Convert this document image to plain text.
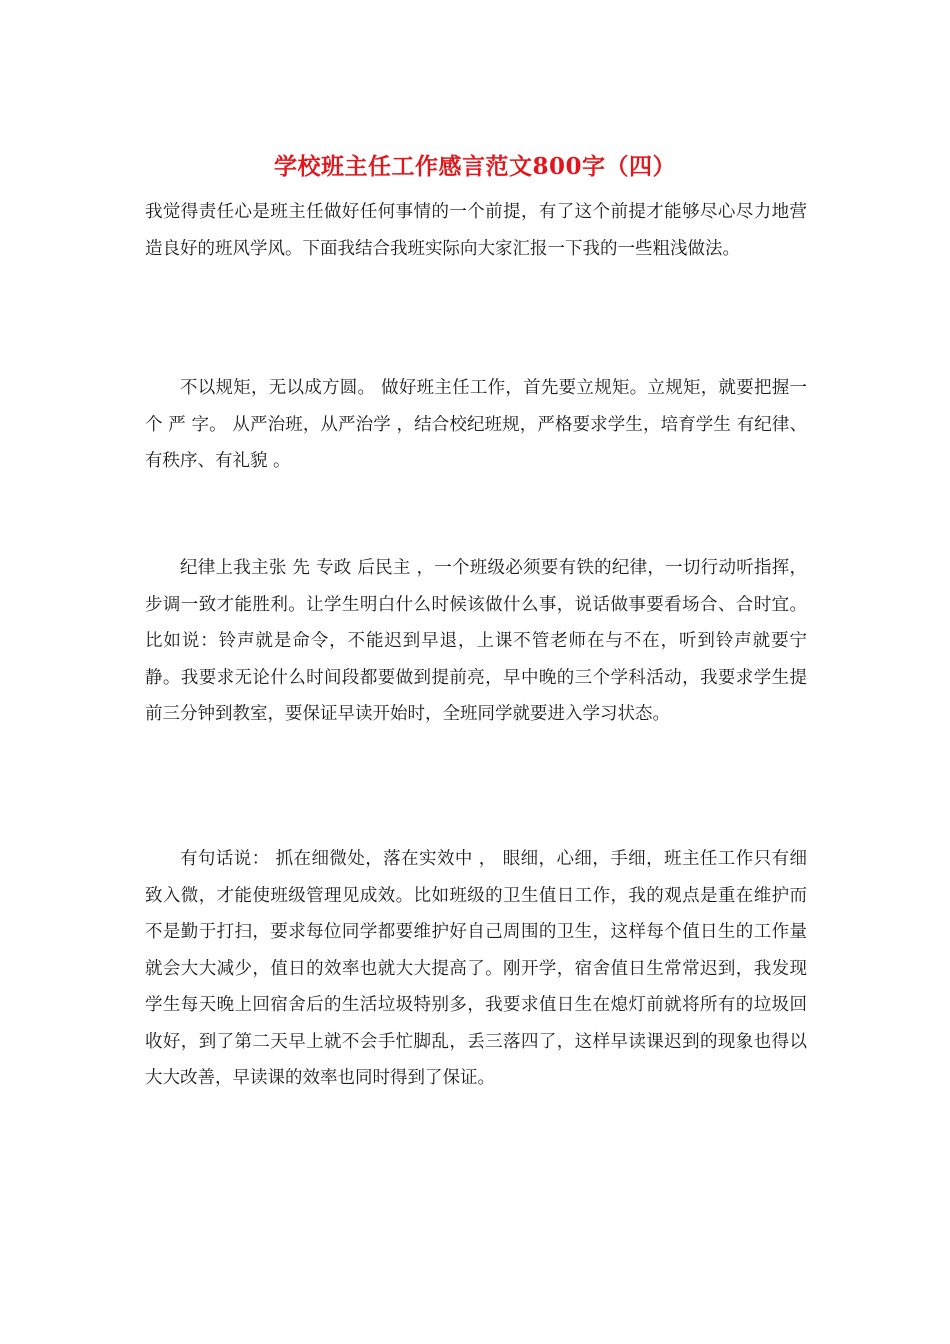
学校班主任工作感言范文800字（四）

我觉得责任心是班主任做好任何事情的一个前提，有了这个前提才能够尽心尽力地营造良好的班风学风。下面我结合我班实际向大家汇报一下我的一些粗浅做法。

不以规矩，无以成方圆。 做好班主任工作，首先要立规矩。立规矩，就要把握一个 严 字。 从严治班，从严治学 ，结合校纪班规，严格要求学生，培育学生 有纪律、有秩序、有礼貌 。

纪律上我主张 先 专政 后民主 ，一个班级必须要有铁的纪律，一切行动听指挥，步调一致才能胜利。让学生明白什么时候该做什么事，说话做事要看场合、合时宜。比如说：铃声就是命令，不能迟到早退，上课不管老师在与不在，听到铃声就要宁静。我要求无论什么时间段都要做到提前亮，早中晚的三个学科活动，我要求学生提前三分钟到教室，要保证早读开始时，全班同学就要进入学习状态。

有句话说： 抓在细微处，落在实效中 ， 眼细，心细，手细，班主任工作只有细致入微，才能使班级管理见成效。比如班级的卫生值日工作，我的观点是重在维护而不是勤于打扫，要求每位同学都要维护好自己周围的卫生，这样每个值日生的工作量就会大大减少，值日的效率也就大大提高了。刚开学，宿舍值日生常常迟到，我发现学生每天晚上回宿舍后的生活垃圾特别多，我要求值日生在熄灯前就将所有的垃圾回收好，到了第二天早上就不会手忙脚乱，丢三落四了，这样早读课迟到的现象也得以大大改善，早读课的效率也同时得到了保证。
